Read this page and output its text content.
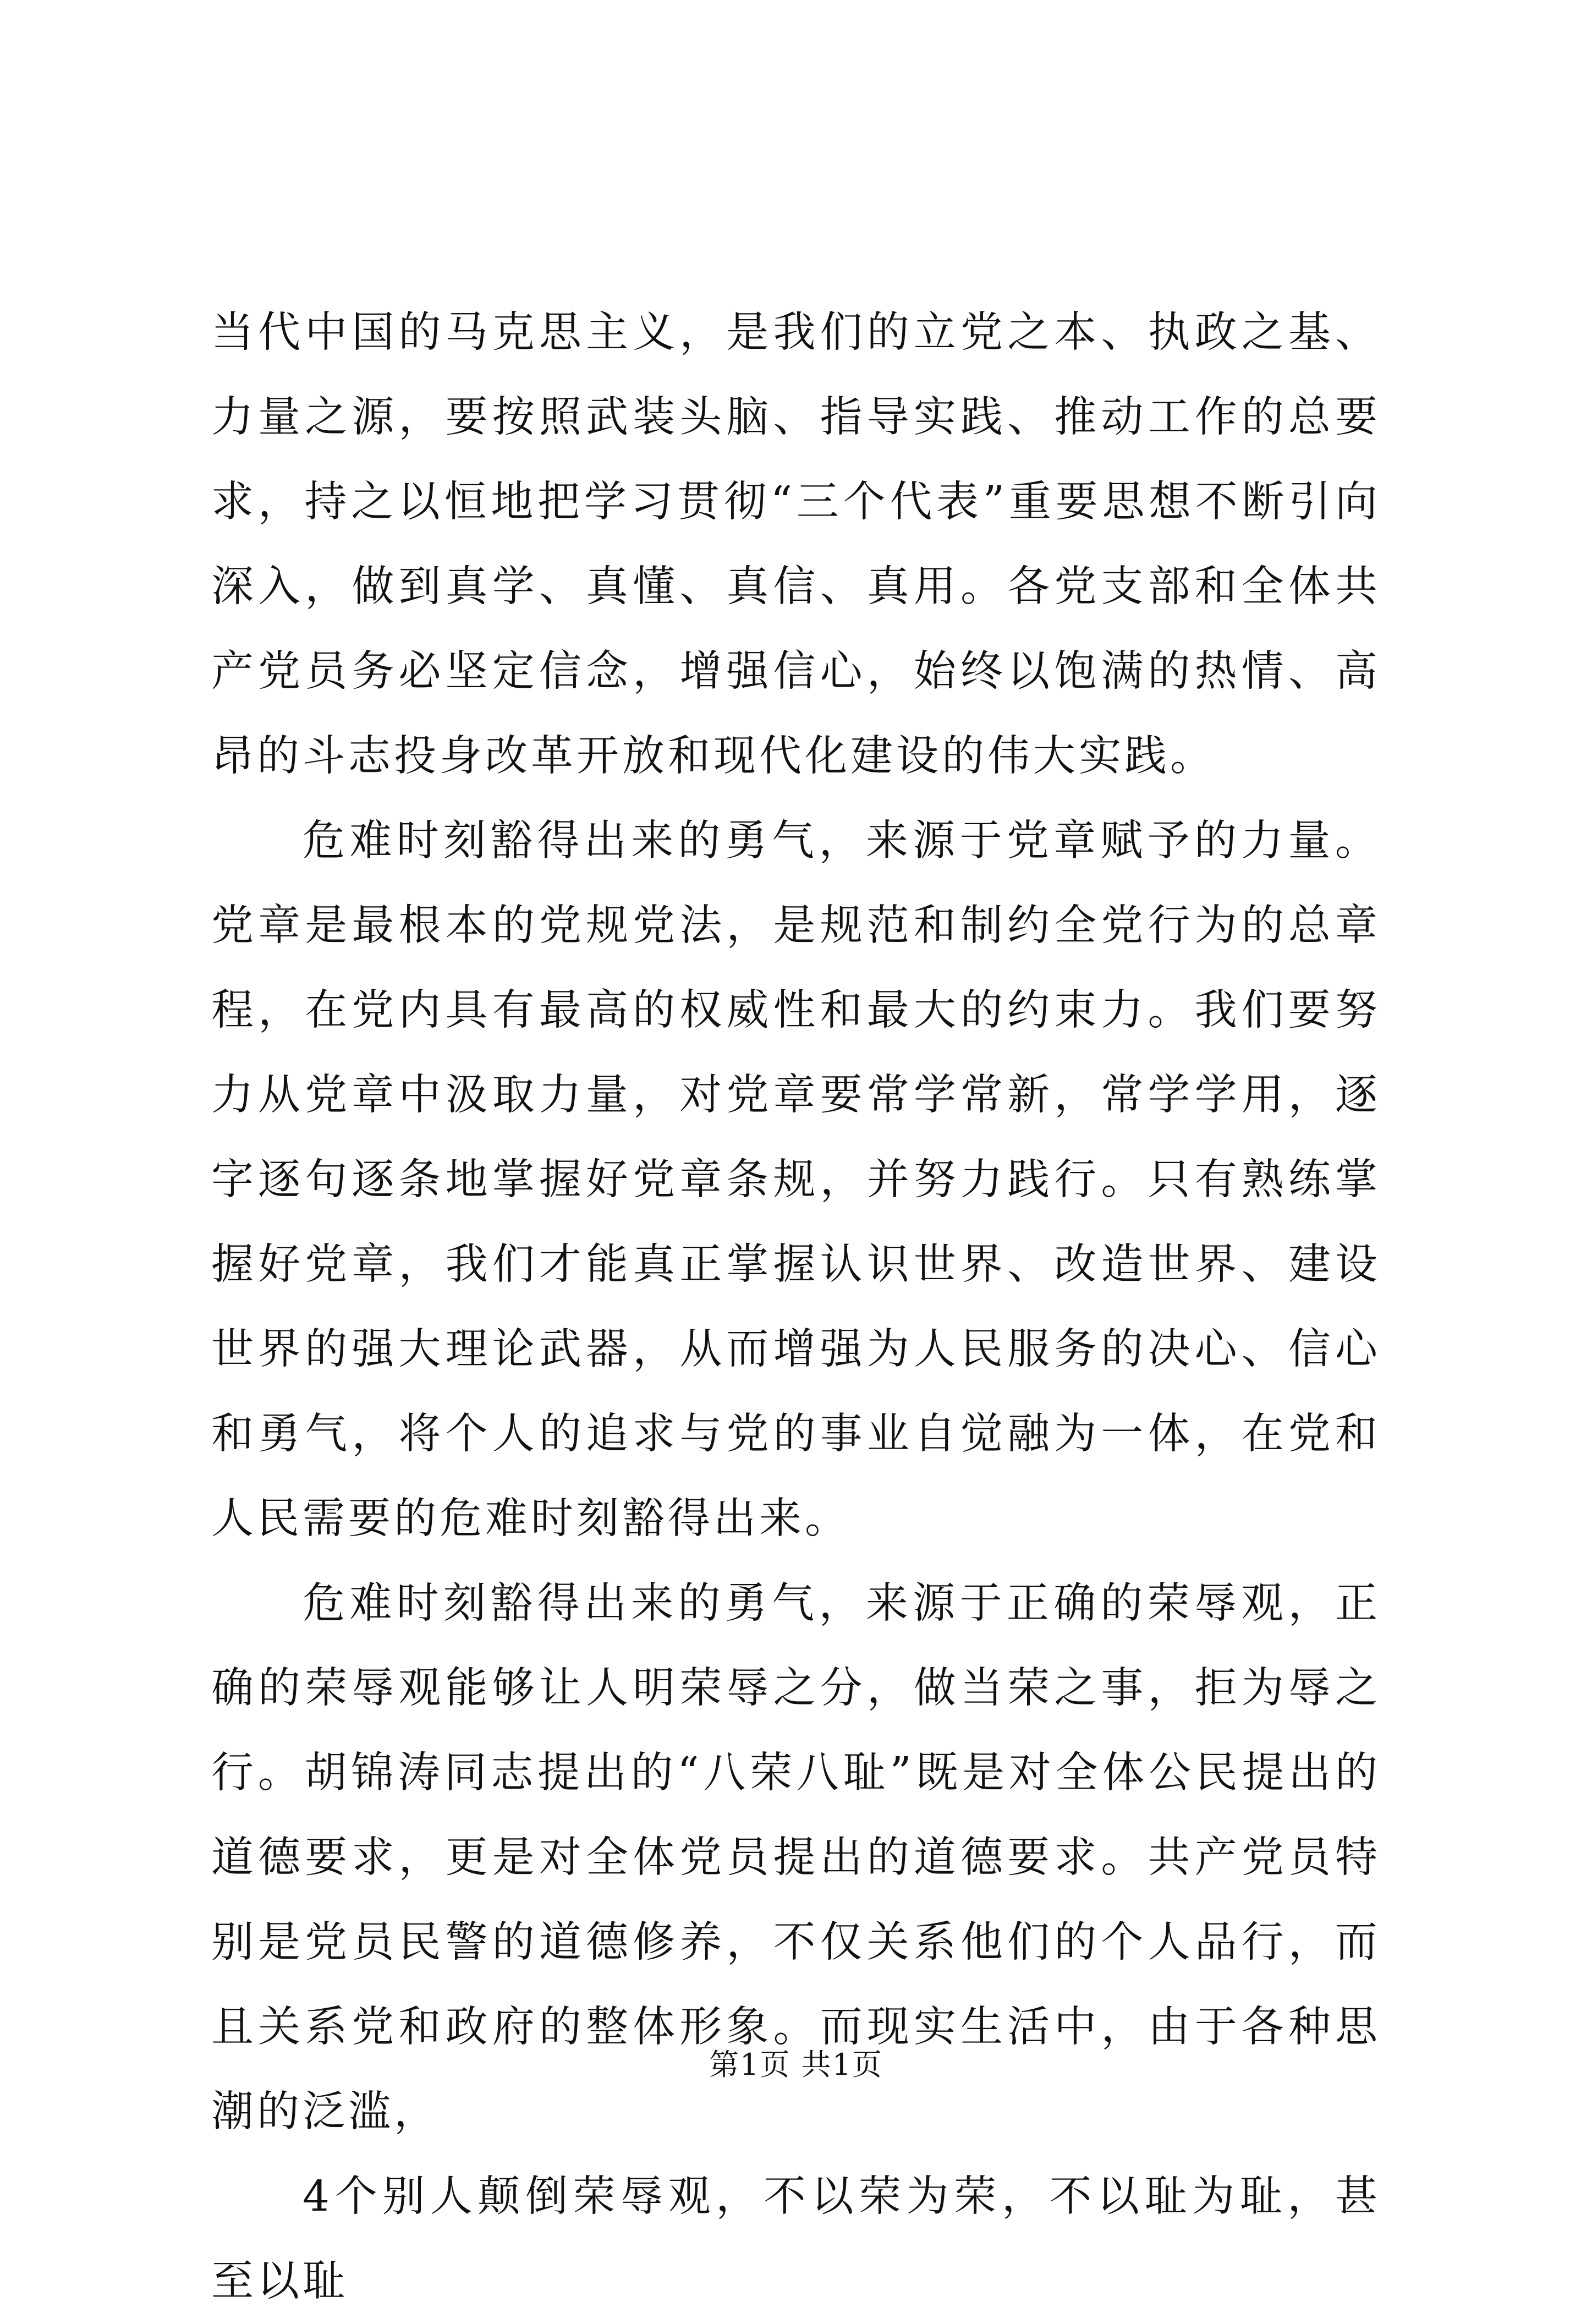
当代中国的马克思主义，是我们的立党之本、执政之基、力量之源，要按照武装头脑、指导实践、推动工作的总要求，持之以恒地把学习贯彻“三个代表”重要思想不断引向深入，做到真学、真懂、真信、真用。各党支部和全体共产党员务必坚定信念，增强信心，始终以饱满的热情、高昂的斗志投身改革开放和现代化建设的伟大实践。

危难时刻豁得出来的勇气，来源于党章赋予的力量。党章是最根本的党规党法，是规范和制约全党行为的总章程，在党内具有最高的权威性和最大的约束力。我们要努力从党章中汲取力量，对党章要常学常新，常学学用，逐字逐句逐条地掌握好党章条规，并努力践行。只有熟练掌握好党章，我们才能真正掌握认识世界、改造世界、建设世界的强大理论武器，从而增强为人民服务的决心、信心和勇气，将个人的追求与党的事业自觉融为一体，在党和人民需要的危难时刻豁得出来。

危难时刻豁得出来的勇气，来源于正确的荣辱观，正确的荣辱观能够让人明荣辱之分，做当荣之事，拒为辱之行。胡锦涛同志提出的“八荣八耻”既是对全体公民提出的道德要求，更是对全体党员提出的道德要求。共产党员特别是党员民警的道德修养，不仅关系他们的个人品行，而且关系党和政府的整体形象。而现实生活中，由于各种思潮的泛滥，

4个别人颠倒荣辱观，不以荣为荣，不以耻为耻，甚至以耻

第1页 共1页
